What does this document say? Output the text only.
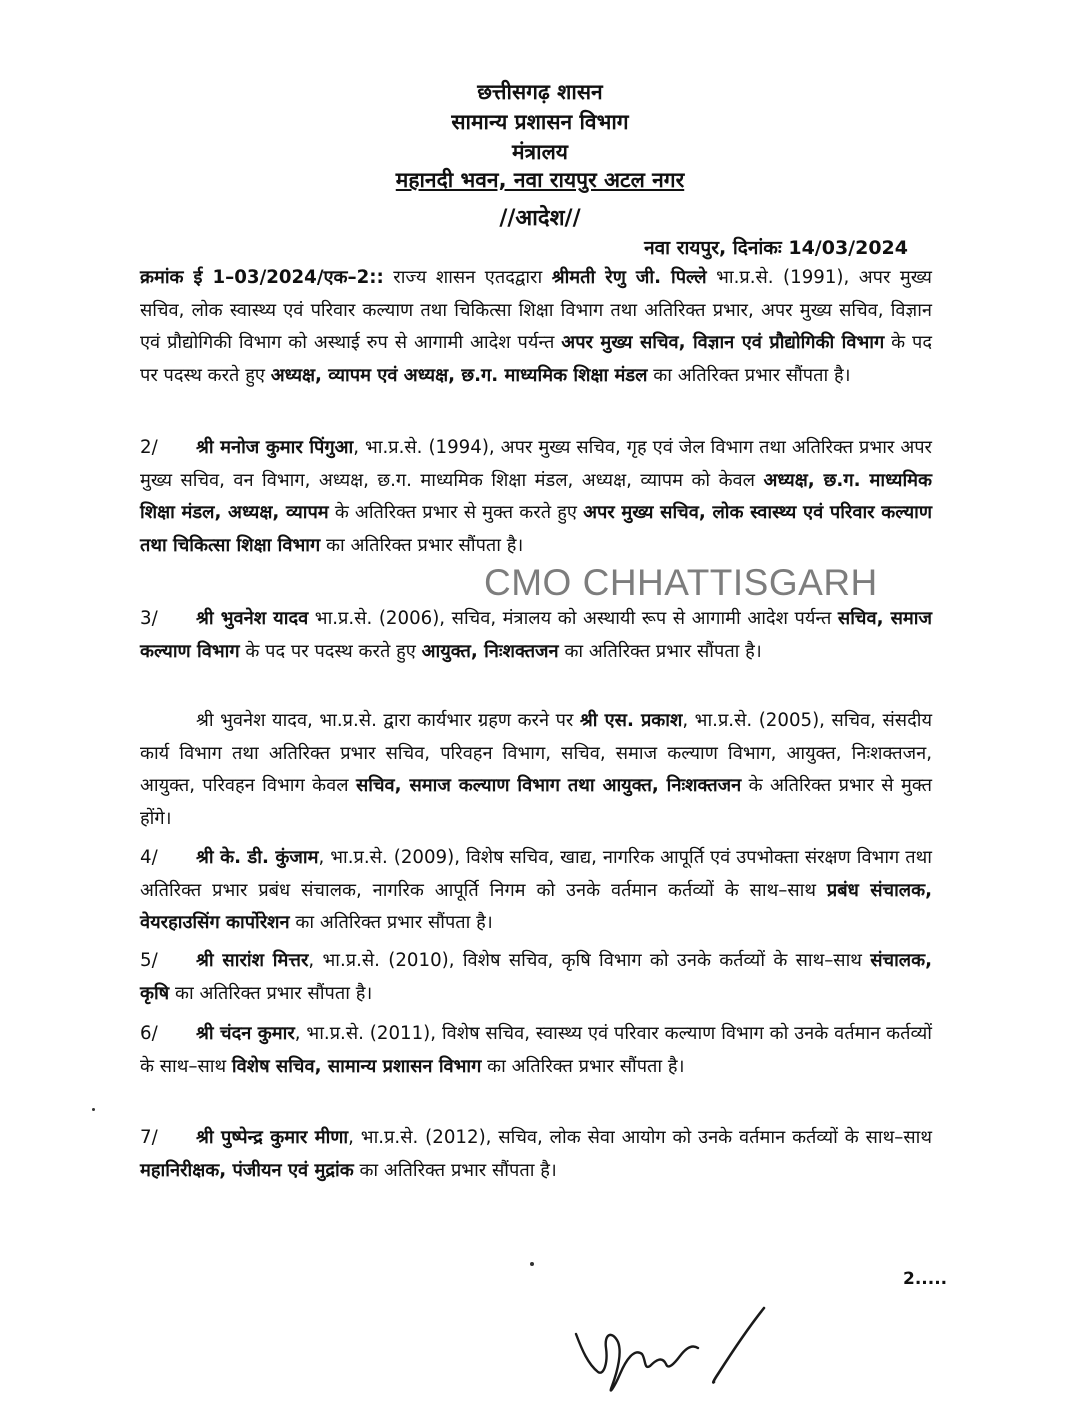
छत्तीसगढ़ शासन
सामान्य प्रशासन विभाग
मंत्रालय
महानदी भवन, नवा रायपुर अटल नगर
//आदेश//
नवा रायपुर, दिनांकः 14/03/2024
क्रमांक ई 1–03/2024/एक–2:: राज्य शासन एतदद्वारा श्रीमती रेणु जी. पिल्ले भा.प्र.से. (1991), अपर मुख्य सचिव, लोक स्वास्थ्य एवं परिवार कल्याण तथा चिकित्सा शिक्षा विभाग तथा अतिरिक्त प्रभार, अपर मुख्य सचिव, विज्ञान एवं प्रौद्योगिकी विभाग को अस्थाई रुप से आगामी आदेश पर्यन्त अपर मुख्य सचिव, विज्ञान एवं प्रौद्योगिकी विभाग के पद पर पदस्थ करते हुए अध्यक्ष, व्यापम एवं अध्यक्ष, छ.ग. माध्यमिक शिक्षा मंडल का अतिरिक्त प्रभार सौंपता है।
2/ श्री मनोज कुमार पिंगुआ, भा.प्र.से. (1994), अपर मुख्य सचिव, गृह एवं जेल विभाग तथा अतिरिक्त प्रभार अपर मुख्य सचिव, वन विभाग, अध्यक्ष, छ.ग. माध्यमिक शिक्षा मंडल, अध्यक्ष, व्यापम को केवल अध्यक्ष, छ.ग. माध्यमिक शिक्षा मंडल, अध्यक्ष, व्यापम के अतिरिक्त प्रभार से मुक्त करते हुए अपर मुख्य सचिव, लोक स्वास्थ्य एवं परिवार कल्याण तथा चिकित्सा शिक्षा विभाग का अतिरिक्त प्रभार सौंपता है।
CMO CHHATTISGARH
3/ श्री भुवनेश यादव भा.प्र.से. (2006), सचिव, मंत्रालय को अस्थायी रूप से आगामी आदेश पर्यन्त सचिव, समाज कल्याण विभाग के पद पर पदस्थ करते हुए आयुक्त, निःशक्तजन का अतिरिक्त प्रभार सौंपता है।
श्री भुवनेश यादव, भा.प्र.से. द्वारा कार्यभार ग्रहण करने पर श्री एस. प्रकाश, भा.प्र.से. (2005), सचिव, संसदीय कार्य विभाग तथा अतिरिक्त प्रभार सचिव, परिवहन विभाग, सचिव, समाज कल्याण विभाग, आयुक्त, निःशक्तजन, आयुक्त, परिवहन विभाग केवल सचिव, समाज कल्याण विभाग तथा आयुक्त, निःशक्तजन के अतिरिक्त प्रभार से मुक्त होंगे।
4/ श्री के. डी. कुंजाम, भा.प्र.से. (2009), विशेष सचिव, खाद्य, नागरिक आपूर्ति एवं उपभोक्ता संरक्षण विभाग तथा अतिरिक्त प्रभार प्रबंध संचालक, नागरिक आपूर्ति निगम को उनके वर्तमान कर्तव्यों के साथ–साथ प्रबंध संचालक, वेयरहाउसिंग कार्पोरेशन का अतिरिक्त प्रभार सौंपता है।
5/ श्री सारांश मित्तर, भा.प्र.से. (2010), विशेष सचिव, कृषि विभाग को उनके कर्तव्यों के साथ–साथ संचालक, कृषि का अतिरिक्त प्रभार सौंपता है।
6/ श्री चंदन कुमार, भा.प्र.से. (2011), विशेष सचिव, स्वास्थ्य एवं परिवार कल्याण विभाग को उनके वर्तमान कर्तव्यों के साथ–साथ विशेष सचिव, सामान्य प्रशासन विभाग का अतिरिक्त प्रभार सौंपता है।
7/ श्री पुष्पेन्द्र कुमार मीणा, भा.प्र.से. (2012), सचिव, लोक सेवा आयोग को उनके वर्तमान कर्तव्यों के साथ–साथ महानिरीक्षक, पंजीयन एवं मुद्रांक का अतिरिक्त प्रभार सौंपता है।
2.....
